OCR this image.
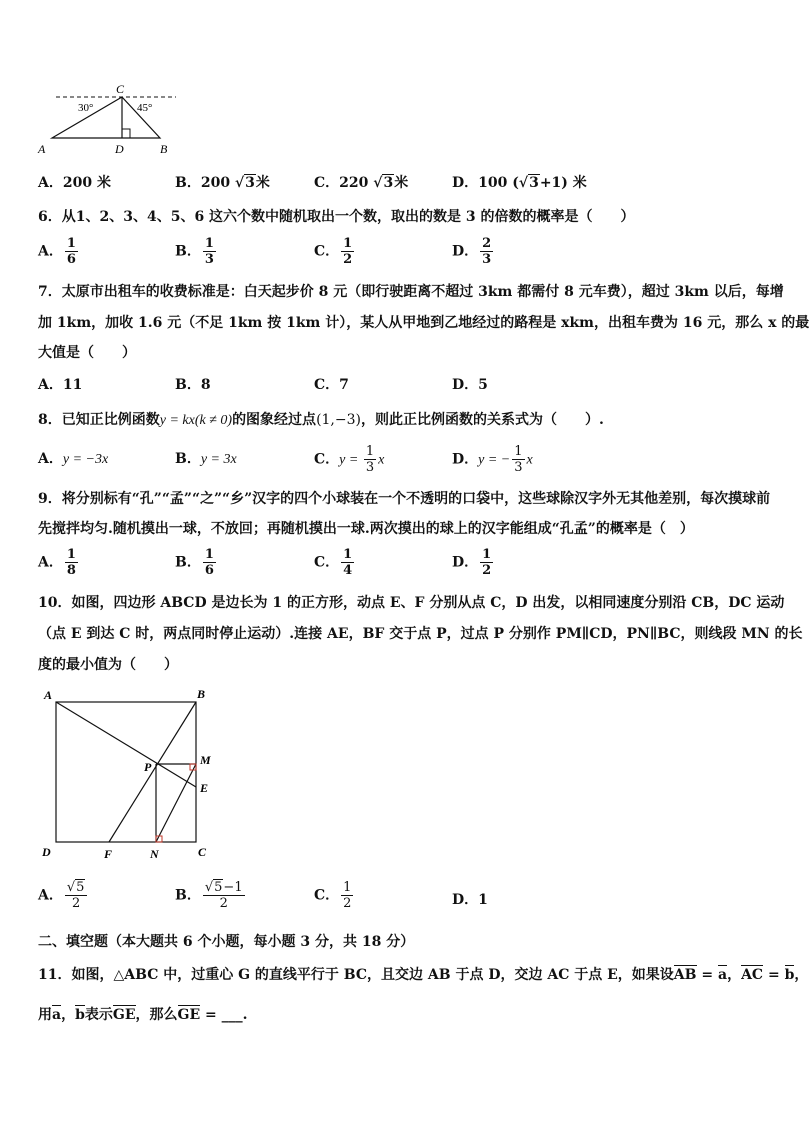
C
A	D	B
30°	45°
A．200 米	B．200 √3米	C．220 √3米	D．100 (√3+1) 米
6．从1、2、3、4、5、6 这六个数中随机取出一个数，取出的数是 3 的倍数的概率是（　　）
A． $\frac{1}{6}$	B． $\frac{1}{3}$	C． $\frac{1}{2}$	D． $\frac{2}{3}$
7．太原市出租车的收费标准是：白天起步价 8 元（即行驶距离不超过 3km 都需付 8 元车费），超过 3km 以后，每增
加 1km，加收 1.6 元（不足 1km 按 1km 计），某人从甲地到乙地经过的路程是 xkm，出租车费为 16 元，那么 x 的最
大值是（　　）
A．11	B．8	C．7	D．5
8．已知正比例函数y = kx(k ≠ 0)的图象经过点(1,−3)，则此正比例函数的关系式为（　　）.
A．y = −3x	B．y = 3x	C．$y = \frac{1}{3}$ x	D．y = − $\frac{1}{3}$ x
9．将分别标有“孔”“孟”“之”“乡”汉字的四个小球装在一个不透明的口袋中，这些球除汉字外无其他差别，每次摸球前
先搅拌均匀.随机摸出一球，不放回；再随机摸出一球.两次摸出的球上的汉字能组成“孔孟”的概率是（　）
A． $\frac{1}{8}$	B． $\frac{1}{6}$	C． $\frac{1}{4}$	D． $\frac{1}{2}$
10．如图，四边形 ABCD 是边长为 1 的正方形，动点 E、F 分别从点 C，D 出发，以相同速度分别沿 CB，DC 运动
（点 E 到达 C 时，两点同时停止运动）.连接 AE，BF 交于点 P，过点 P 分别作 PM∥CD，PN∥BC，则线段 MN 的长
度的最小值为（　　）
A	B
C
D
P	M
E
F	N
A． $\frac{√5}{2}$	B． $\frac{√5-1}{2}$	C． $\frac{1}{2}$	D．1
二、填空题（本大题共 6 个小题，每小题 3 分，共 18 分）
11．如图，△ABC 中，过重心 G 的直线平行于 BC，且交边 AB 于点 D，交边 AC 于点 E，如果设AB = a，AC = b，
用a，b表示GE，那么GE = ___.
